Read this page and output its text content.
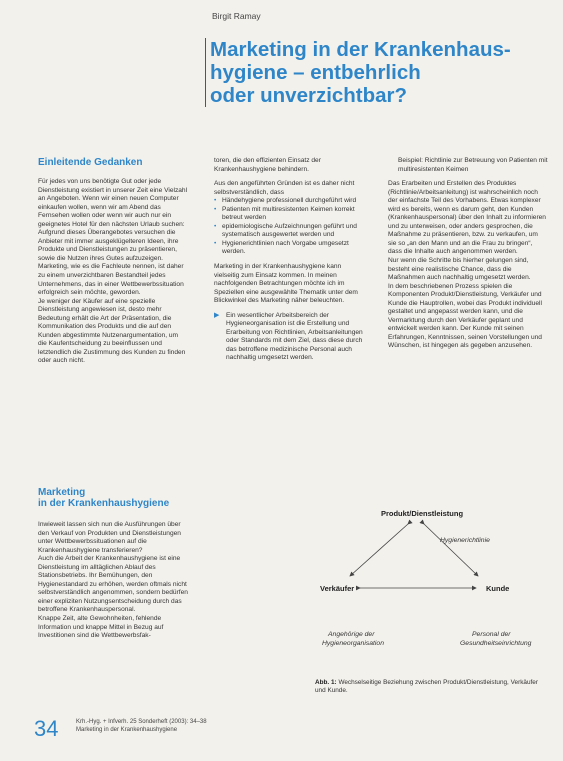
Birgit Ramay
Marketing in der Krankenhaus-
hygiene – entbehrlich
oder unverzichtbar?
Einleitende Gedanken

Für jedes von uns benötigte Gut oder jede Dienstleistung existiert in unserer Zeit eine Vielzahl an Angeboten. Wenn wir einen neuen Computer einkaufen wollen, wenn wir am Abend das Fernsehen wollen oder wenn wir auch nur ein geeignetes Hotel für den nächsten Urlaub suchen: Aufgrund dieses Überangebotes versuchen die Anbieter mit immer ausgeklügelteren Ideen, ihre Produkte und Dienstleistungen zu präsentieren, sowie die Nutzen ihres Gutes aufzuzeigen.

Marketing, wie es die Fachleute nennen, ist daher zu einem unverzichtbaren Bestandteil jedes Unternehmens, das in einer Wettbewerbssituation erfolgreich sein möchte, geworden.

Je weniger der Käufer auf eine spezielle Dienstleistung angewiesen ist, desto mehr Bedeutung erhält die Art der Präsentation, die Kommunikation des Produkts und die auf den Kunden abgestimmte Nutzenargumentation, um die Kaufentscheidung zu beeinflussen und letztendlich die Zustimmung des Kunden zu finden oder auch nicht.

Marketing
in der Krankenhaushygiene

Inwieweit lassen sich nun die Ausführungen über den Verkauf von Produkten und Dienstleistungen unter Wettbewerbssituationen auf die Krankenhaushygiene transferieren?

Auch die Arbeit der Krankenhaushygiene ist eine Dienstleistung im alltäglichen Ablauf des Stationsbetriebs. Ihr Bemühungen, den Hygienestandard zu erhöhen, werden oftmals nicht selbstverständlich angenommen, sondern bedürfen einer expliziten Nutzungsentscheidung durch das betroffene Krankenhauspersonal.

Knappe Zeit, alte Gewohnheiten, fehlende Information und knappe Mittel in Bezug auf Investitionen sind die Wettbewerbsfak-

toren, die den effizienten Einsatz der Krankenhaushygiene behindern.

Aus den angeführten Gründen ist es daher nicht selbstverständlich, dass

• Händehygiene professionell durchgeführt wird
• Patienten mit multiresistenten Keimen korrekt betreut werden
• epidemiologische Aufzeichnungen geführt und systematisch ausgewertet werden und
• Hygienerichtlinien nach Vorgabe umgesetzt werden.

Marketing in der Krankenhaushygiene kann vielseitig zum Einsatz kommen. In meinen nachfolgenden Betrachtungen möchte ich im Speziellen eine ausgewählte Thematik unter dem Blickwinkel des Marketing näher beleuchten.

▶ Ein wesentlicher Arbeitsbereich der Hygieneorganisation ist die Erstellung und Erarbeitung von Richtlinien, Arbeitsanleitungen oder Standards mit dem Ziel, dass diese durch das betroffene medizinische Personal auch nachhaltig umgesetzt werden.

Beispiel: Richtlinie zur Betreuung von Patienten mit multiresistenten Keimen

Das Erarbeiten und Erstellen des Produktes (Richtlinie/Arbeitsanleitung) ist wahrscheinlich noch der einfachste Teil des Vorhabens. Etwas komplexer wird es bereits, wenn es darum geht, den Kunden (Krankenhauspersonal) über den Inhalt zu informieren und zu unterweisen, oder anders gesprochen, die Maßnahme zu präsentieren, bzw. zu verkaufen, um sie so „an den Mann und an die Frau zu bringen“, dass die Inhalte auch angenommen werden.

Nur wenn die Schritte bis hierher gelungen sind, besteht eine realistische Chance, dass die Maßnahmen auch nachhaltig umgesetzt werden.

In dem beschriebenen Prozess spielen die Komponenten Produkt/Dienstleistung, Verkäufer und Kunde die Hauptrollen, wobei das Produkt individuell gestaltet und angepasst werden kann, und die Vermarktung durch den Verkäufer geplant und entwickelt werden kann. Der Kunde mit seinen Erfahrungen, Kenntnissen, seinen Vorstellungen und Wünschen, ist hingegen als gegeben anzusehen.

Produkt/Dienstleistung
Hygienerichtlinie
Verkäufer	Kunde
Angehörige der
Hygieneorganisation
Personal der
Gesundheitseinrichtung
Abb. 1: Wechselseitige Beziehung zwischen Produkt/Dienstleistung, Verkäufer und Kunde.
34	Krh.-Hyg. + Infverh. 25 Sonderheft (2003): 34–38
Marketing in der Krankenhaushygiene
